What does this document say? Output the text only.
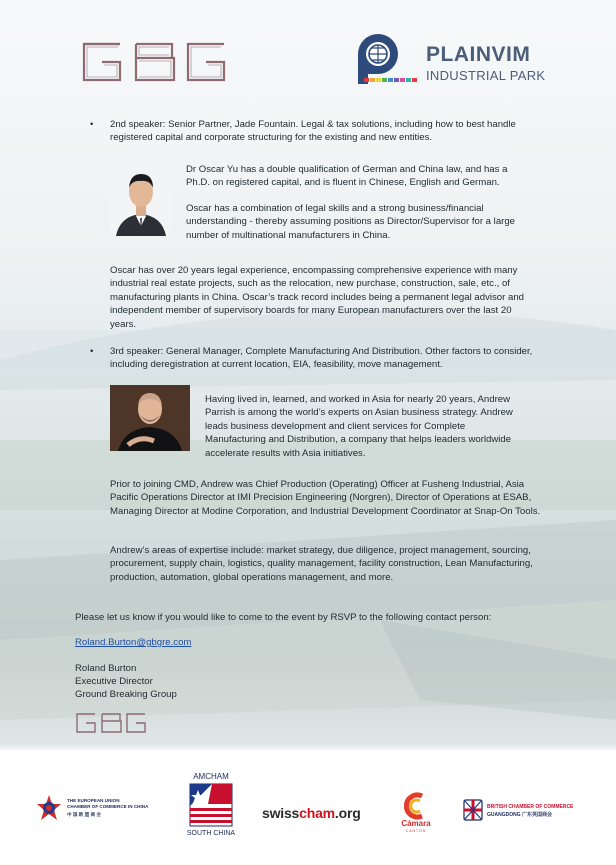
PLAINVIM
INDUSTRIAL PARK
• 2nd speaker: Senior Partner, Jade Fountain. Legal & tax solutions, including how to best handle registered capital and corporate structuring for the existing and new entities.
Dr Oscar Yu has a double qualification of German and China law, and has a Ph.D. on registered capital, and is fluent in Chinese, English and German.
Oscar has a combination of legal skills and a strong business/financial understanding - thereby assuming positions as Director/Supervisor for a large number of multinational manufacturers in China.
Oscar has over 20 years legal experience, encompassing comprehensive experience with many industrial real estate projects, such as the relocation, new purchase, construction, sale, etc., of manufacturing plants in China. Oscar’s track record includes being a permanent legal advisor and independent member of supervisory boards for many European manufacturers over the last 20 years.
• 3rd speaker: General Manager, Complete Manufacturing And Distribution. Other factors to consider, including deregistration at current location, EIA, feasibility, move management.
Having lived in, learned, and worked in Asia for nearly 20 years, Andrew Parrish is among the world’s experts on Asian business strategy. Andrew leads business development and client services for Complete Manufacturing and Distribution, a company that helps leaders worldwide accelerate results with Asia initiatives.
Prior to joining CMD, Andrew was Chief Production (Operating) Officer at Fusheng Industrial, Asia Pacific Operations Director at IMI Precision Engineering (Norgren), Director of Operations at ESAB, Managing Director at Modine Corporation, and Industrial Development Coordinator at Snap-On Tools.
Andrew’s areas of expertise include: market strategy, due diligence, project management, sourcing, procurement, supply chain, logistics, quality management, facility construction, Lean Manufacturing, production, automation, global operations management, and more.
Please let us know if you would like to come to the event by RSVP to the following contact person:
Roland.Burton@gbgre.com
Roland Burton
Executive Director
Ground Breaking Group
THE EUROPEAN UNION
CHAMBER OF COMMERCE IN CHINA
中 国 欧 盟 商 会
AMCHAM
SOUTH CHINA
swisscham.org
Cámara
CANTÓN
BRITISH CHAMBER OF COMMERCE
GUANGDONG 广东英国商会
